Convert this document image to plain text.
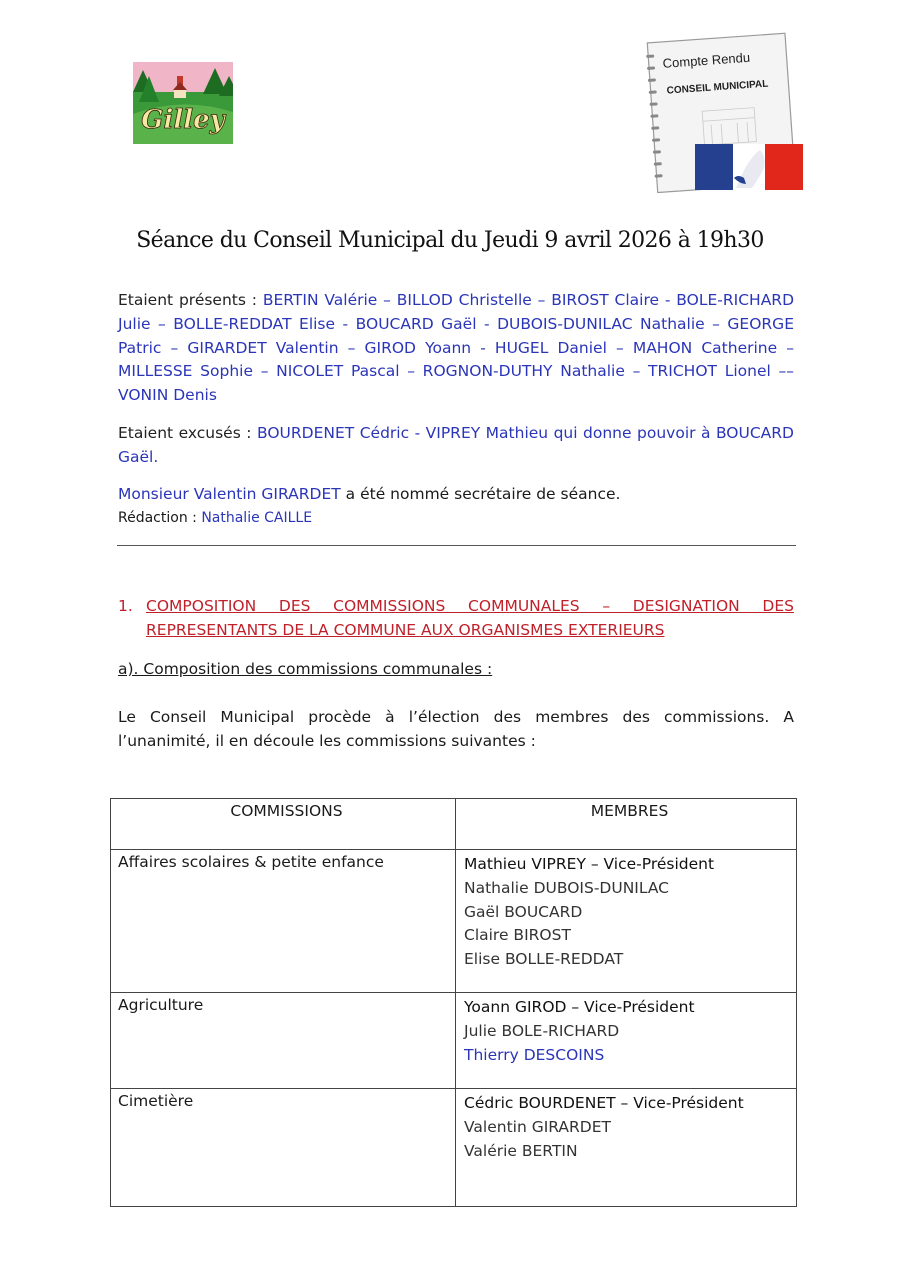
Gilley
Compte Rendu
CONSEIL MUNICIPAL
Séance du Conseil Municipal du Jeudi 9 avril 2026 à 19h30

Etaient présents : BERTIN Valérie – BILLOD Christelle – BIROST Claire - BOLE-RICHARD Julie – BOLLE-REDDAT Elise - BOUCARD Gaël - DUBOIS-DUNILAC Nathalie – GEORGE Patric – GIRARDET Valentin – GIROD Yoann - HUGEL Daniel – MAHON Catherine – MILLESSE Sophie – NICOLET Pascal – ROGNON-DUTHY Nathalie – TRICHOT Lionel –– VONIN Denis

Etaient excusés : BOURDENET Cédric - VIPREY Mathieu qui donne pouvoir à BOUCARD Gaël.

Monsieur Valentin GIRARDET a été nommé secrétaire de séance.

Rédaction : Nathalie CAILLE
1. COMPOSITION DES COMMISSIONS COMMUNALES – DESIGNATION DES REPRESENTANTS DE LA COMMUNE AUX ORGANISMES EXTERIEURS

a). Composition des commissions communales :

Le Conseil Municipal procède à l’élection des membres des commissions. A l’unanimité, il en découle les commissions suivantes :

COMMISSIONS	MEMBRES
Affaires scolaires & petite enfance	Mathieu VIPREY – Vice-Président
Nathalie DUBOIS-DUNILAC
Gaël BOUCARD
Claire BIROST
Elise BOLLE-REDDAT

Agriculture	Yoann GIROD – Vice-Président
Julie BOLE-RICHARD
Thierry DESCOINS

Cimetière	Cédric BOURDENET – Vice-Président
Valentin GIRARDET
Valérie BERTIN
